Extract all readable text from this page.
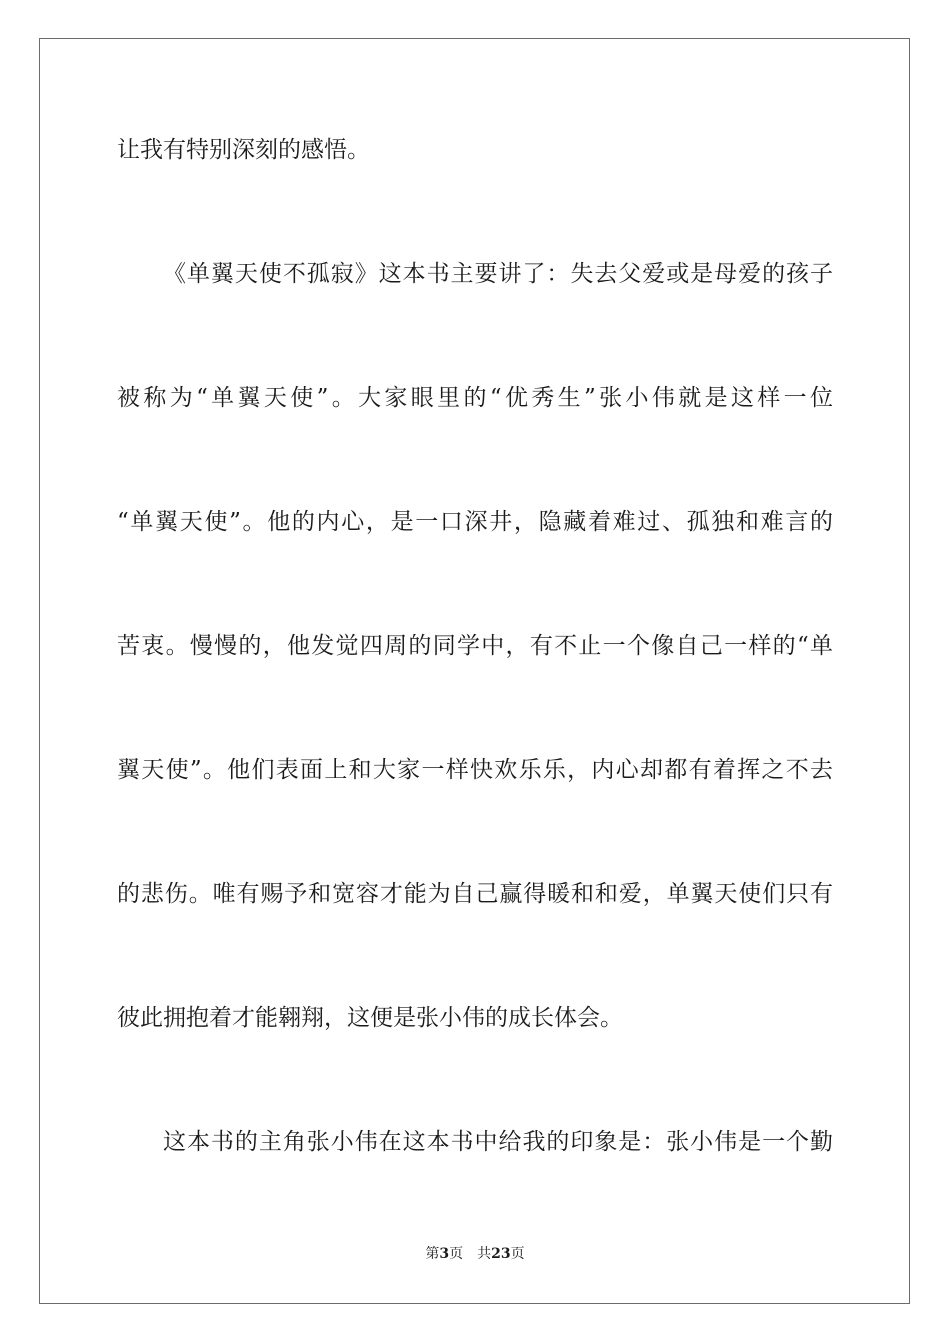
让我有特别深刻的感悟。
《单翼天使不孤寂》这本书主要讲了：失去父爱或是母爱的孩子
被称为“单翼天使”。大家眼里的“优秀生”张小伟就是这样一位
“单翼天使”。他的内心，是一口深井，隐藏着难过、孤独和难言的
苦衷。慢慢的，他发觉四周的同学中，有不止一个像自己一样的“单
翼天使”。他们表面上和大家一样快欢乐乐，内心却都有着挥之不去
的悲伤。唯有赐予和宽容才能为自己赢得暖和和爱，单翼天使们只有
彼此拥抱着才能翱翔，这便是张小伟的成长体会。
这本书的主角张小伟在这本书中给我的印象是：张小伟是一个勤
第3页 共23页
